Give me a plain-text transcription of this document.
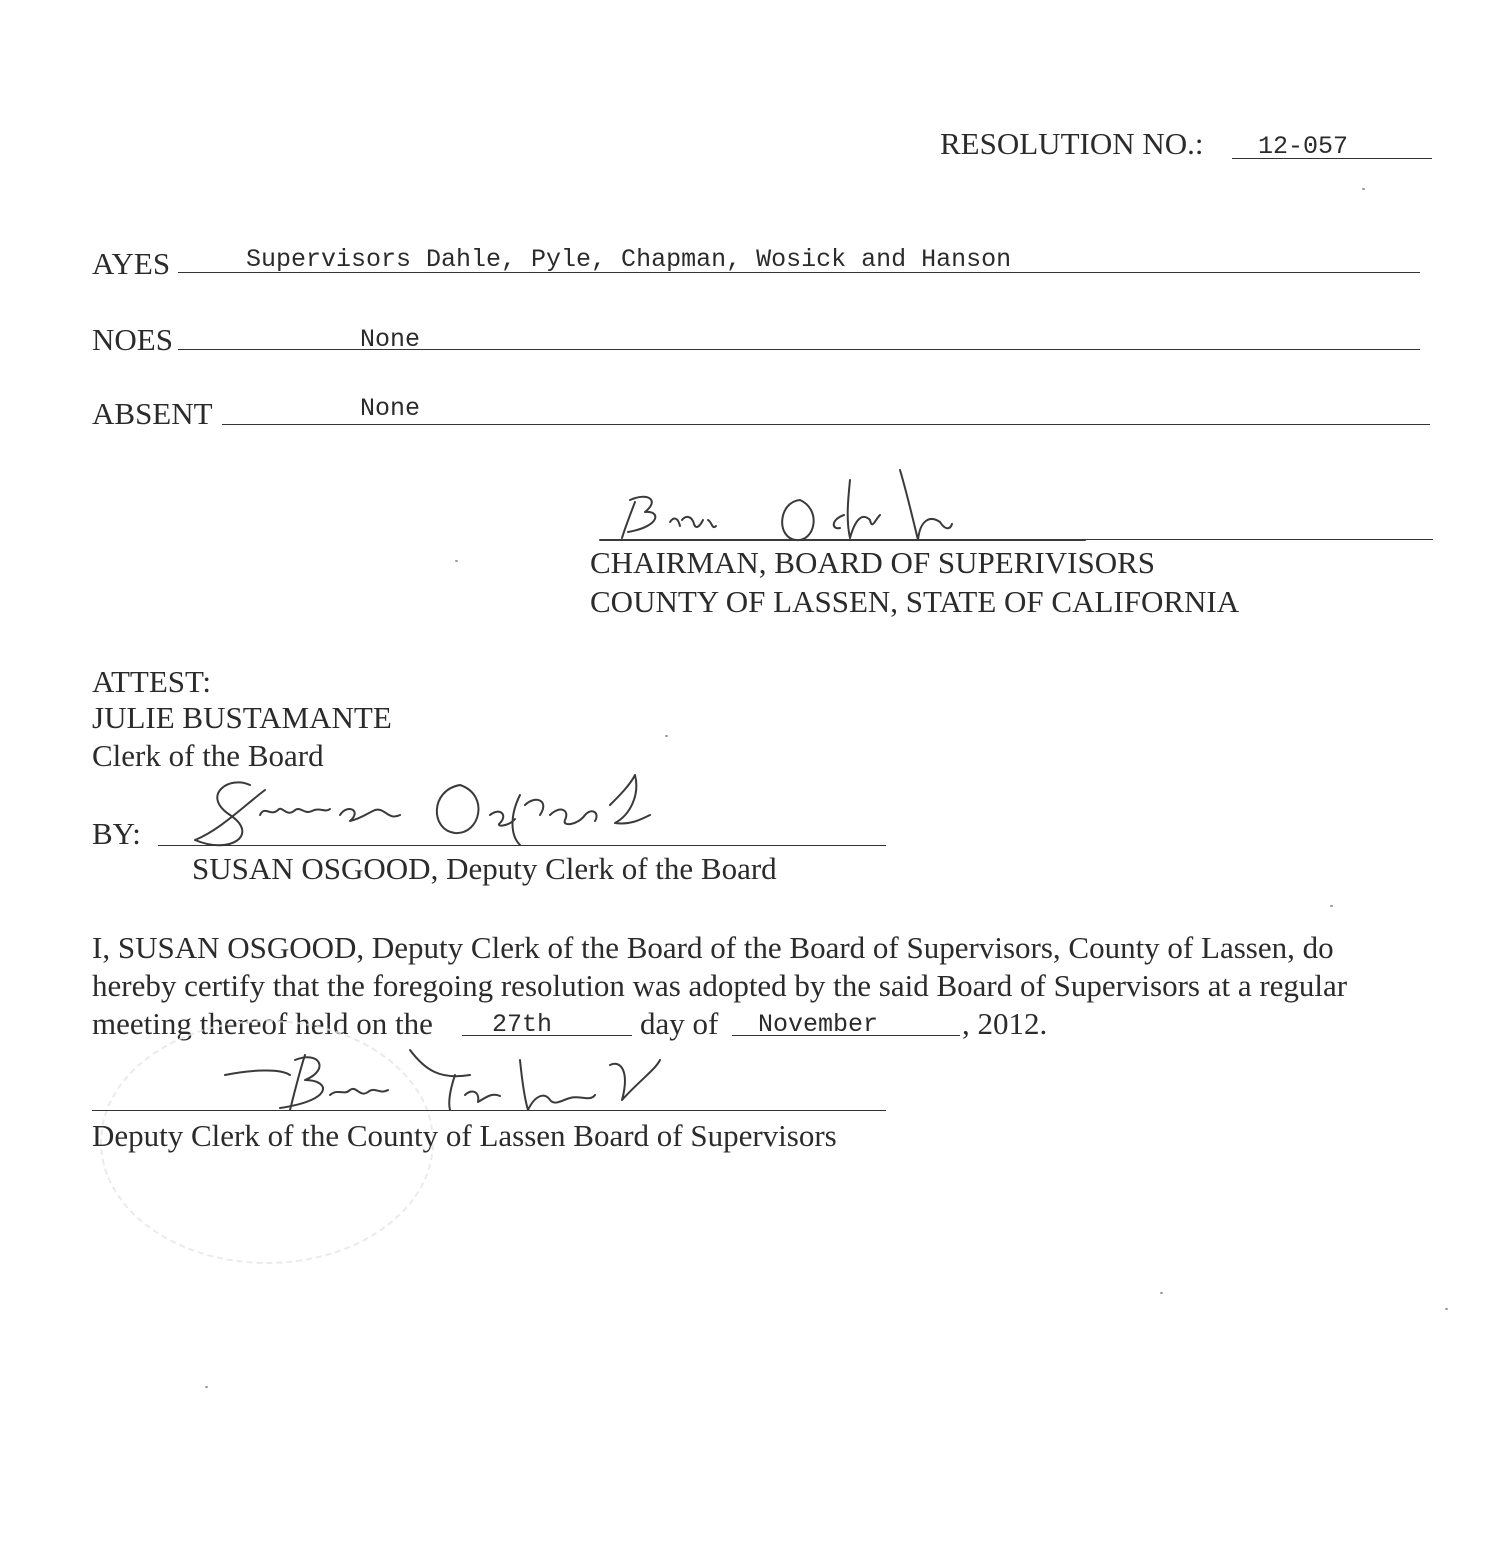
RESOLUTION NO.: 12-057
AYES	Supervisors Dahle, Pyle, Chapman, Wosick and Hanson
NOES	None
ABSENT	None
CHAIRMAN, BOARD OF SUPERIVISORS
COUNTY OF LASSEN, STATE OF CALIFORNIA
ATTEST:
JULIE BUSTAMANTE
Clerk of the Board
BY:
SUSAN OSGOOD, Deputy Clerk of the Board
I, SUSAN OSGOOD, Deputy Clerk of the Board of the Board of Supervisors, County of Lassen, do
hereby certify that the foregoing resolution was adopted by the said Board of Supervisors at a regular
meeting thereof held on the	27th	day of November	, 2012.
Deputy Clerk of the County of Lassen Board of Supervisors
